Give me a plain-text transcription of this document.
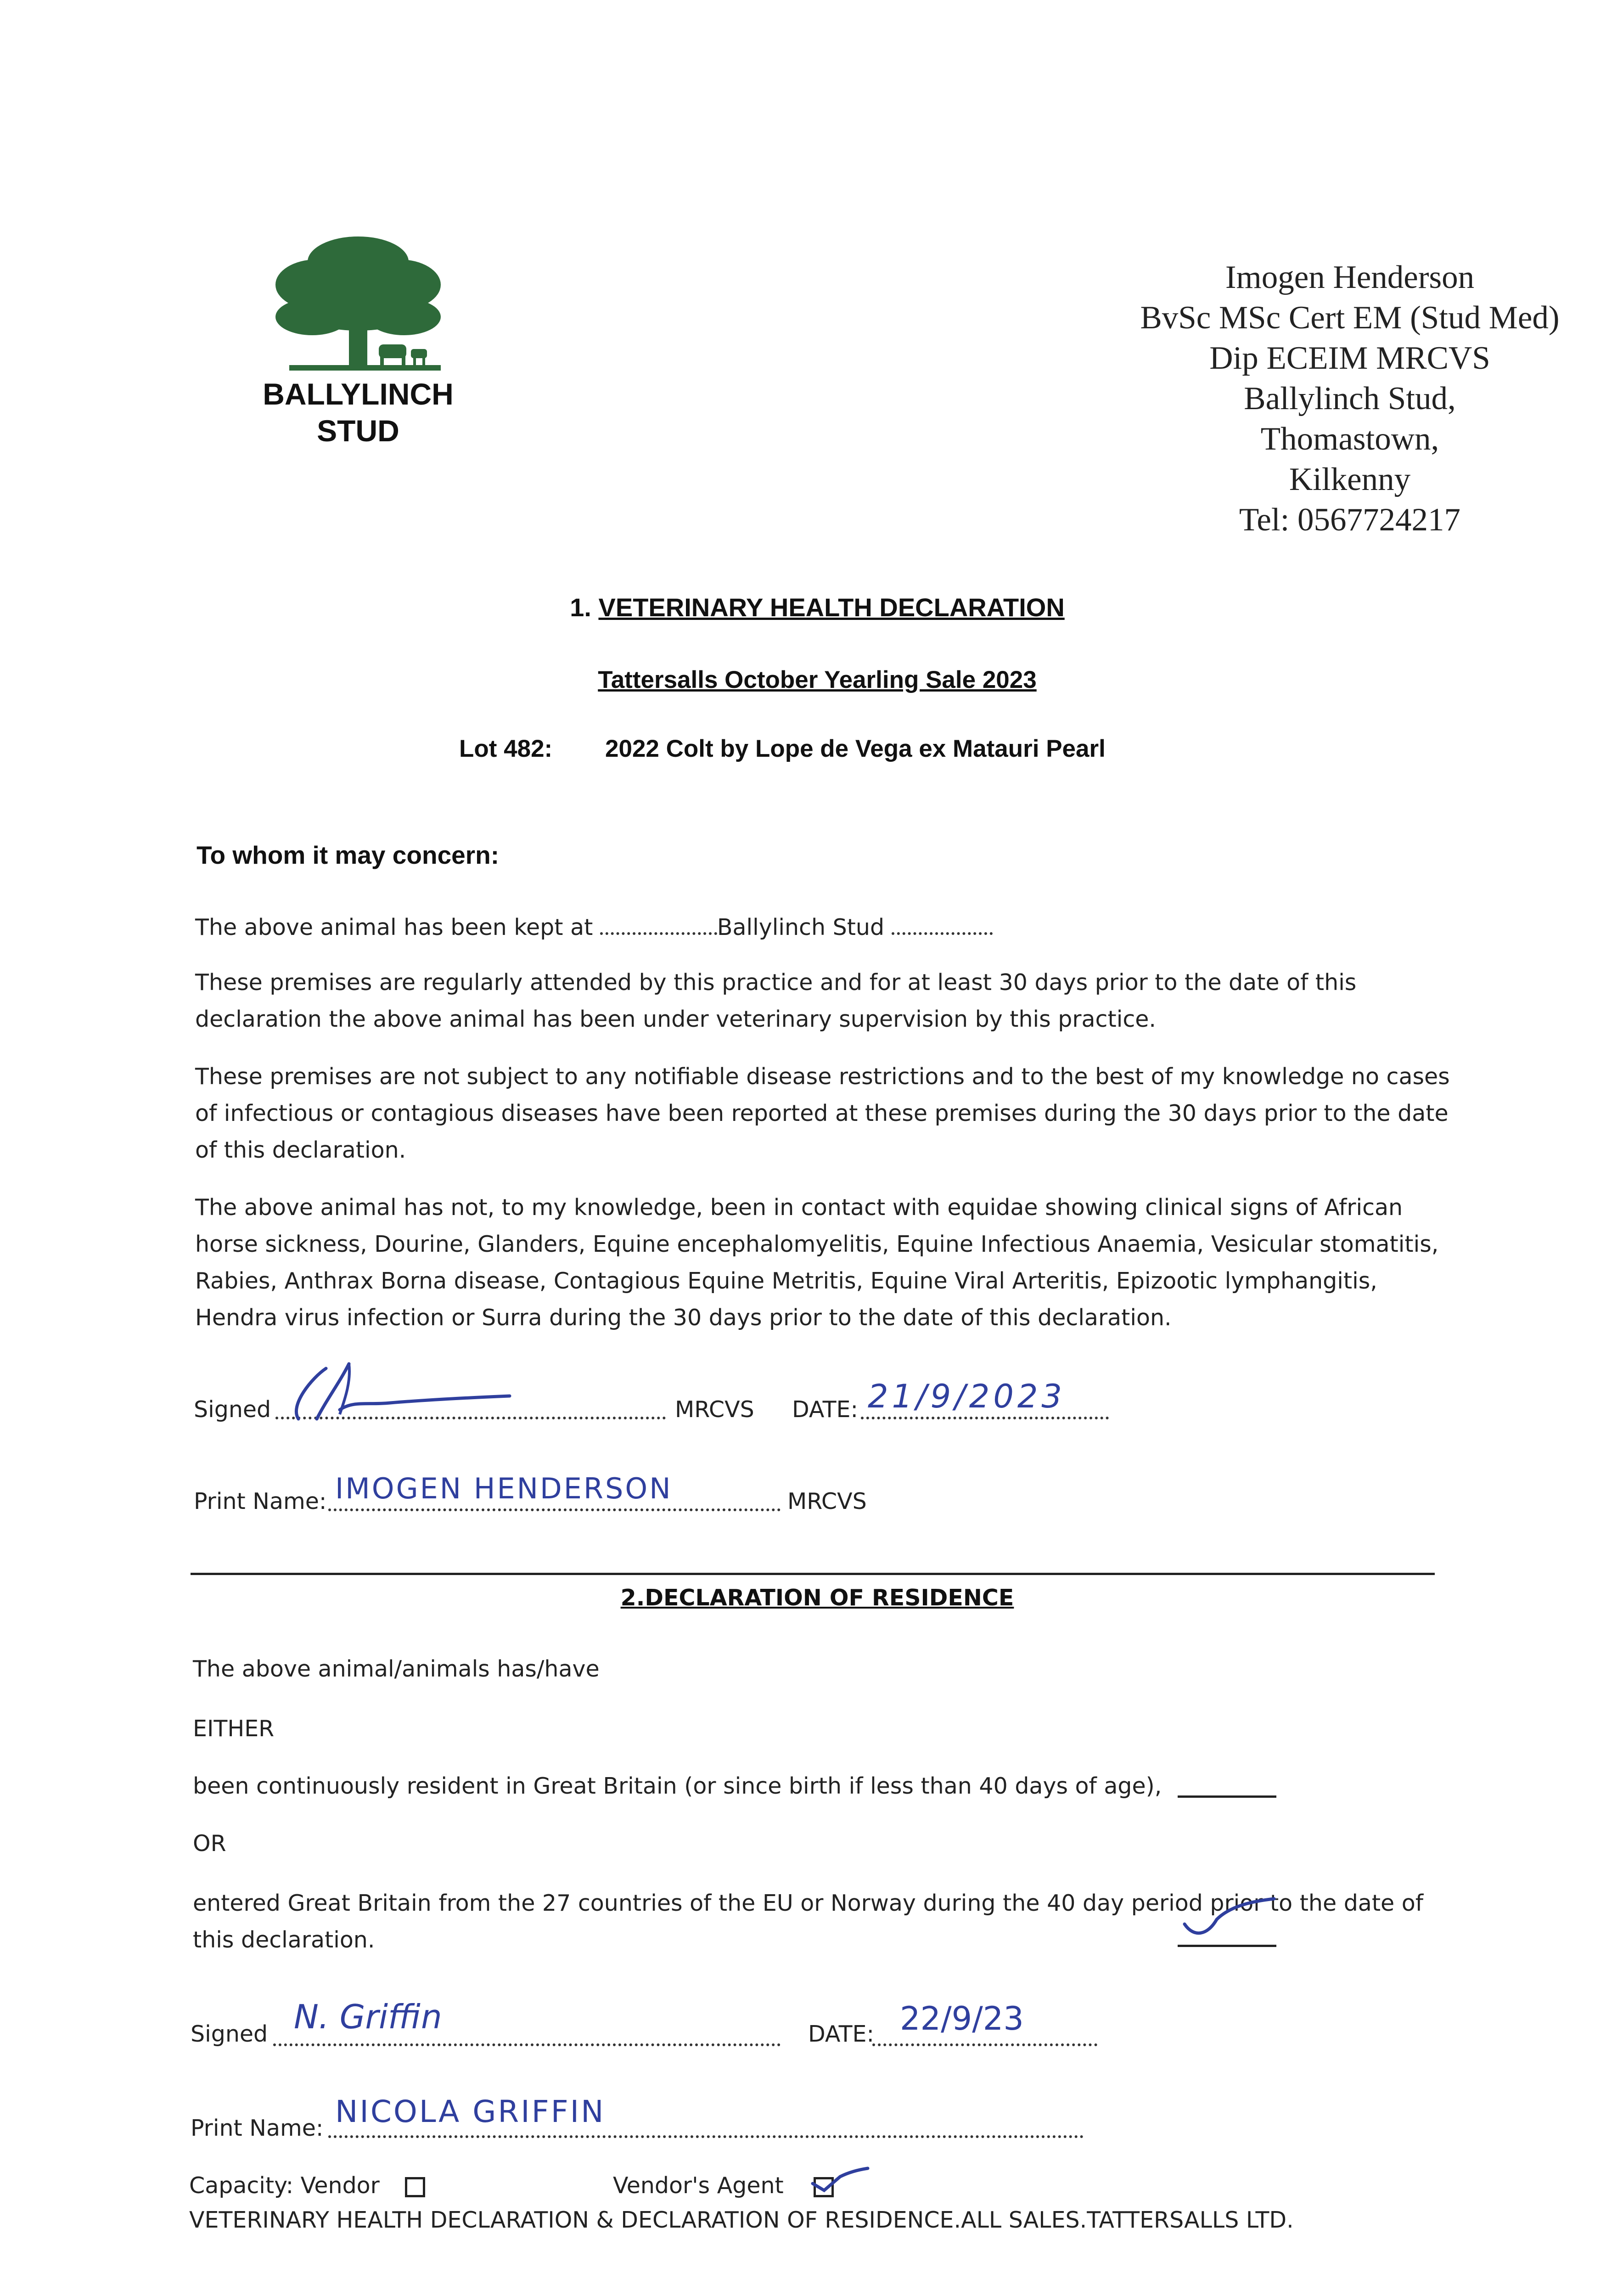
BALLYLINCH
STUD
Imogen Henderson
BvSc MSc Cert EM (Stud Med)
Dip ECEIM MRCVS
Ballylinch Stud,
Thomastown,
Kilkenny
Tel: 0567724217
1. VETERINARY HEALTH DECLARATION
Tattersalls October Yearling Sale 2023
Lot 482: 2022 Colt by Lope de Vega ex Matauri Pearl
To whom it may concern:
The above animal has been kept at	Ballylinch Stud
These premises are regularly attended by this practice and for at least 30 days prior to the date of this
declaration the above animal has been under veterinary supervision by this practice.
These premises are not subject to any notifiable disease restrictions and to the best of my knowledge no cases
of infectious or contagious diseases have been reported at these premises during the 30 days prior to the date
of this declaration.
The above animal has not, to my knowledge, been in contact with equidae showing clinical signs of African
horse sickness, Dourine, Glanders, Equine encephalomyelitis, Equine Infectious Anaemia, Vesicular stomatitis,
Rabies, Anthrax Borna disease, Contagious Equine Metritis, Equine Viral Arteritis, Epizootic lymphangitis,
Hendra virus infection or Surra during the 30 days prior to the date of this declaration.
Signed	MRCVS DATE: 21/9/2023
Print Name: IMOGEN HENDERSON	MRCVS
2.DECLARATION OF RESIDENCE
The above animal/animals has/have
EITHER
been continuously resident in Great Britain (or since birth if less than 40 days of age),
OR
entered Great Britain from the 27 countries of the EU or Norway during the 40 day period prior to the date of
this declaration.
Signed N. Griffin	DATE: 22/9/23
Print Name: NICOLA GRIFFIN
Capacity: Vendor	Vendor's Agent
VETERINARY HEALTH DECLARATION & DECLARATION OF RESIDENCE.ALL SALES.TATTERSALLS LTD.
